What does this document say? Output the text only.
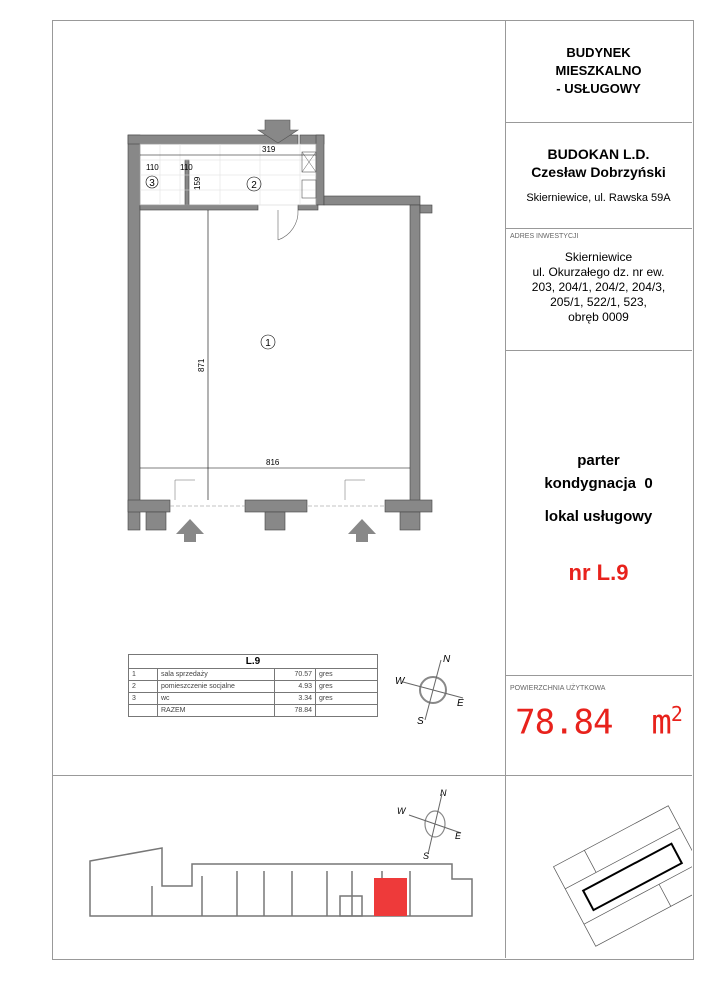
BUDYNEK
MIESZKALNO
- USŁUGOWY
BUDOKAN L.D.
Czesław Dobrzyński
Skierniewice, ul. Rawska 59A
ADRES INWESTYCJI
Skierniewice
ul. Okurzałego dz. nr ew.
203, 204/1, 204/2, 204/3,
205/1, 522/1, 523,
obręb 0009
parter
kondygnacja  0
lokal usługowy
nr L.9
POWIERZCHNIA UŻYTKOWA
78.84  $m^2$
110	110
319
159
871
816
3	2
1
N
E
S
W
L.9			
1	sala sprzedaży	70.57	gres
2	pomieszczenie socjalne	4.93	gres
3	wc	3.34	gres
	RAZEM	78.84	
N
E
S
W
